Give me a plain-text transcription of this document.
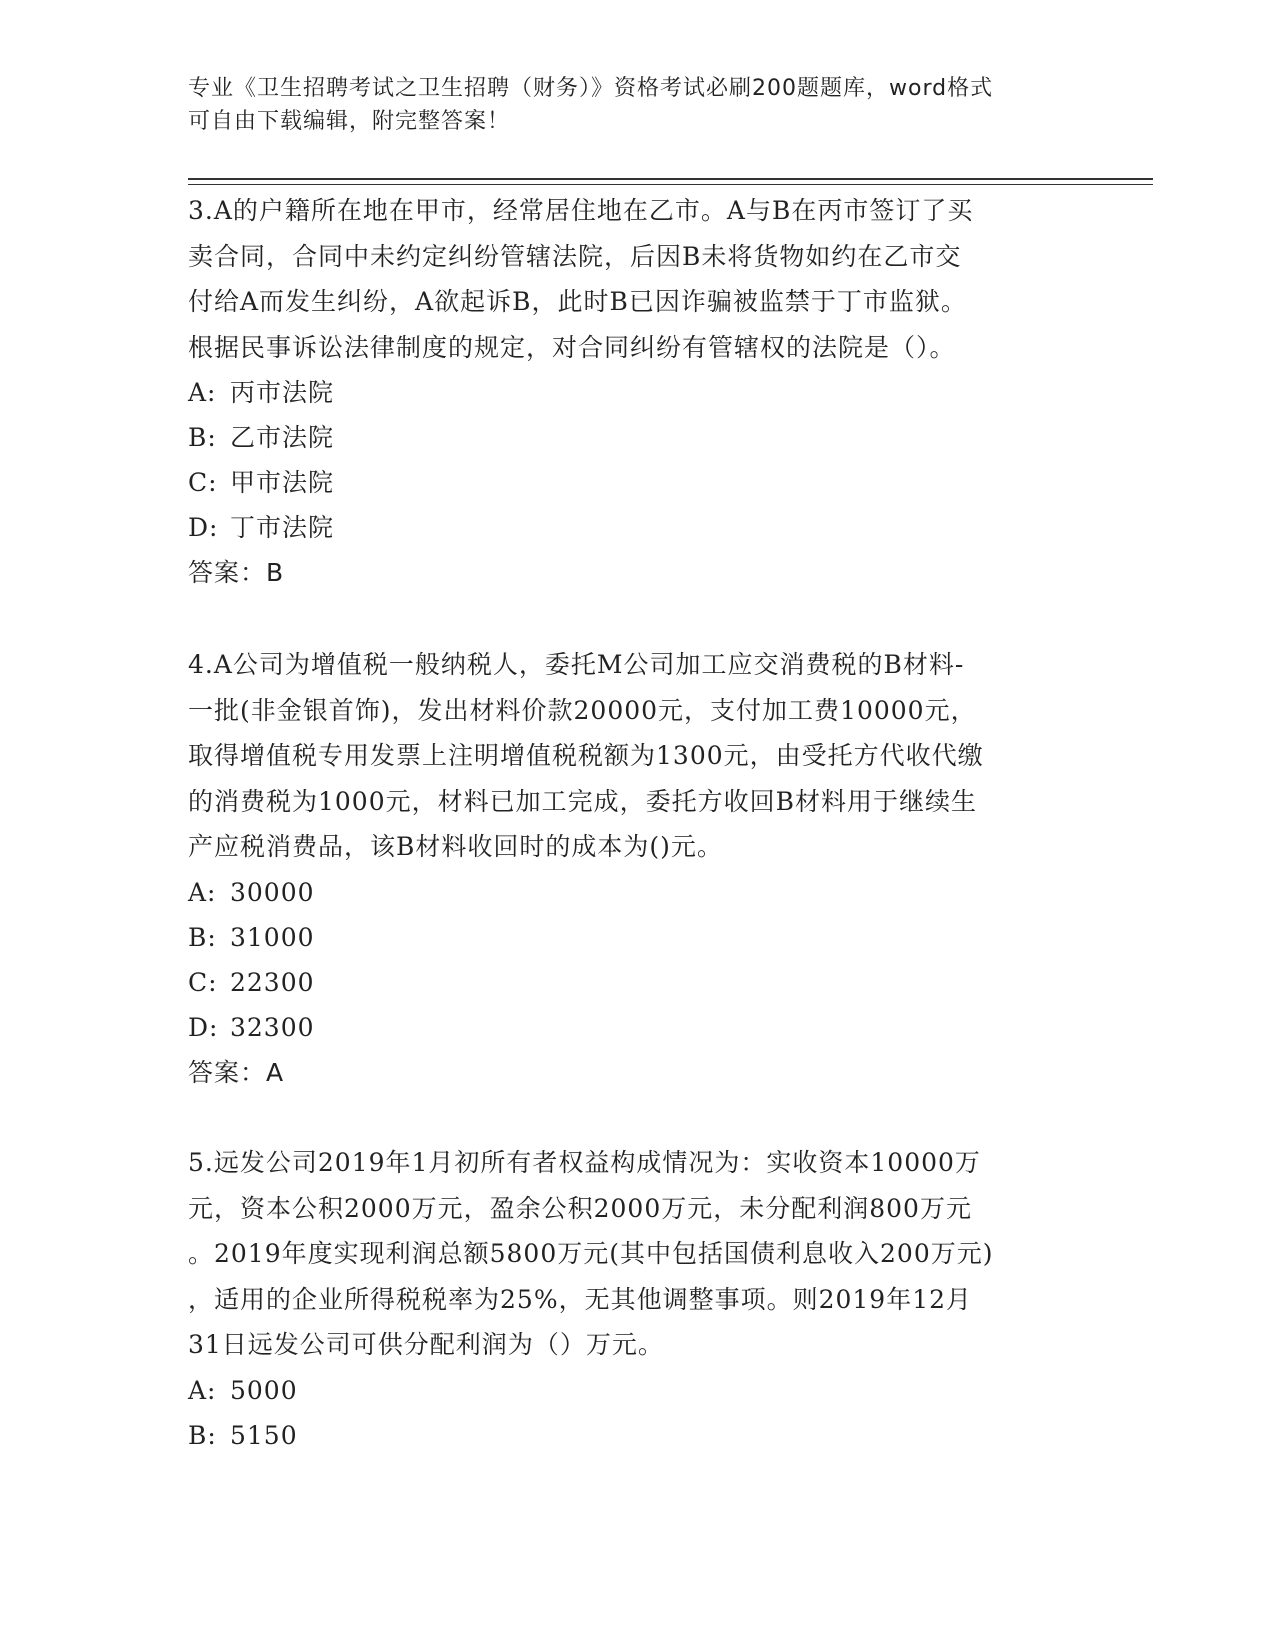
专业《卫生招聘考试之卫生招聘（财务）》资格考试必刷200题题库，word格式
可自由下载编辑，附完整答案！
3.A的户籍所在地在甲市，经常居住地在乙市。A与B在丙市签订了买
卖合同，合同中未约定纠纷管辖法院，后因B未将货物如约在乙市交
付给A而发生纠纷，A欲起诉B，此时B已因诈骗被监禁于丁市监狱。
根据民事诉讼法律制度的规定，对合同纠纷有管辖权的法院是（）。
A: 丙市法院
B: 乙市法院
C: 甲市法院
D: 丁市法院
答案：B
4.A公司为增值税一般纳税人，委托M公司加工应交消费税的B材料-
一批(非金银首饰)，发出材料价款20000元，支付加工费10000元，
取得增值税专用发票上注明增值税税额为1300元，由受托方代收代缴
的消费税为1000元，材料已加工完成，委托方收回B材料用于继续生
产应税消费品，该B材料收回时的成本为()元。
A: 30000
B: 31000
C: 22300
D: 32300
答案：A
5.远发公司2019年1月初所有者权益构成情况为：实收资本10000万
元，资本公积2000万元，盈余公积2000万元，未分配利润800万元
。2019年度实现利润总额5800万元(其中包括国债利息收入200万元)
，适用的企业所得税税率为25%，无其他调整事项。则2019年12月
31日远发公司可供分配利润为（）万元。
A: 5000
B: 5150
